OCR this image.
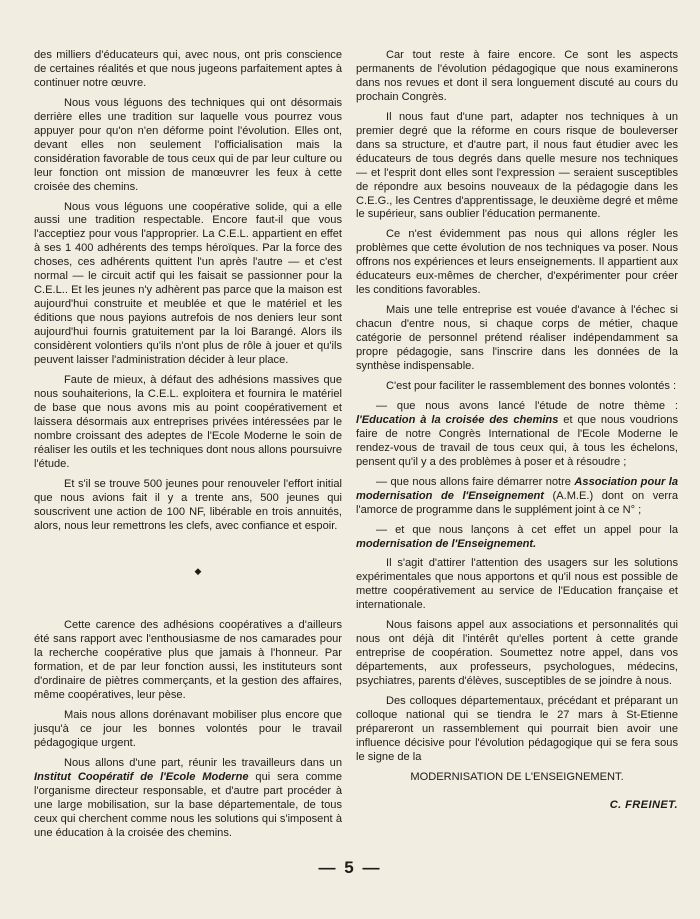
des milliers d'éducateurs qui, avec nous, ont pris conscience de certaines réalités et que nous jugeons parfaitement aptes à continuer notre œuvre.

Nous vous léguons des techniques qui ont désormais derrière elles une tradition sur laquelle vous pourrez vous appuyer pour qu'on n'en déforme point l'évolution. Elles ont, devant elles non seulement l'officialisation mais la considération favorable de tous ceux qui de par leur culture ou leur fonction ont mission de manœuvrer les feux à cette croisée des chemins.

Nous vous léguons une coopérative solide, qui a elle aussi une tradition respectable. Encore faut-il que vous l'acceptiez pour vous l'approprier. La C.E.L. appartient en effet à ses 1 400 adhérents des temps héroïques. Par la force des choses, ces adhérents quittent l'un après l'autre — et c'est normal — le circuit actif qui les faisait se passionner pour la C.E.L.. Et les jeunes n'y adhèrent pas parce que la maison est aujourd'hui construite et meublée et que le matériel et les éditions que nous payions autrefois de nos deniers leur sont aujourd'hui fournis gratuitement par la loi Barangé. Alors ils considèrent volontiers qu'ils n'ont plus de rôle à jouer et qu'ils peuvent laisser l'administration décider à leur place.

Faute de mieux, à défaut des adhésions massives que nous souhaiterions, la C.E.L. exploitera et fournira le matériel de base que nous avons mis au point coopérativement et laissera désormais aux entreprises privées intéressées par le nombre croissant des adeptes de l'Ecole Moderne le soin de réaliser les outils et les techniques dont nous allons poursuivre l'étude.

Et s'il se trouve 500 jeunes pour renouveler l'effort initial que nous avions fait il y a trente ans, 500 jeunes qui souscrivent une action de 100 NF, libérable en trois annuités, alors, nous leur remettrons les clefs, avec confiance et espoir.

◆

Cette carence des adhésions coopératives a d'ailleurs été sans rapport avec l'enthousiasme de nos camarades pour la recherche coopérative plus que jamais à l'honneur. Par formation, et de par leur fonction aussi, les instituteurs sont d'ordinaire de piètres commerçants, et la gestion des affaires, même coopératives, leur pèse.

Mais nous allons dorénavant mobiliser plus encore que jusqu'à ce jour les bonnes volontés pour le travail pédagogique urgent.

Nous allons d'une part, réunir les travailleurs dans un Institut Coopératif de l'Ecole Moderne qui sera comme l'organisme directeur responsable, et d'autre part procéder à une large mobilisation, sur la base départementale, de tous ceux qui cherchent comme nous les solutions qui s'imposent à une éducation à la croisée des chemins.

Car tout reste à faire encore. Ce sont les aspects permanents de l'évolution pédagogique que nous examinerons dans nos revues et dont il sera longuement discuté au cours du prochain Congrès.

Il nous faut d'une part, adapter nos techniques à un premier degré que la réforme en cours risque de bouleverser dans sa structure, et d'autre part, il nous faut étudier avec les éducateurs de tous degrés dans quelle mesure nos techniques — et l'esprit dont elles sont l'expression — seraient susceptibles de répondre aux besoins nouveaux de la pédagogie dans les C.E.G., les Centres d'apprentissage, le deuxième degré et même le supérieur, sans oublier l'éducation permanente.

Ce n'est évidemment pas nous qui allons régler les problèmes que cette évolution de nos techniques va poser. Nous offrons nos expériences et leurs enseignements. Il appartient aux éducateurs eux-mêmes de chercher, d'expérimenter pour créer les conditions favorables.

Mais une telle entreprise est vouée d'avance à l'échec si chacun d'entre nous, si chaque corps de métier, chaque catégorie de personnel prétend réaliser indépendamment sa propre pédagogie, sans l'inscrire dans les données de la synthèse indispensable.

C'est pour faciliter le rassemblement des bonnes volontés :

— que nous avons lancé l'étude de notre thème : l'Education à la croisée des chemins et que nous voudrions faire de notre Congrès International de l'Ecole Moderne le rendez-vous de travail de tous ceux qui, à tous les échelons, pensent qu'il y a des problèmes à poser et à résoudre ;

— que nous allons faire démarrer notre Association pour la modernisation de l'Enseignement (A.M.E.) dont on verra l'amorce de programme dans le supplément joint à ce N° ;

— et que nous lançons à cet effet un appel pour la modernisation de l'Enseignement.

Il s'agit d'attirer l'attention des usagers sur les solutions expérimentales que nous apportons et qu'il nous est possible de mettre coopérativement au service de l'Education française et internationale.

Nous faisons appel aux associations et personnalités qui nous ont déjà dit l'intérêt qu'elles portent à cette grande entreprise de coopération. Soumettez notre appel, dans vos départements, aux professeurs, psychologues, médecins, psychiatres, parents d'élèves, susceptibles de se joindre à nous.

Des colloques départementaux, précédant et préparant un colloque national qui se tiendra le 27 mars à St-Etienne prépareront un rassemblement qui pourrait bien avoir une influence décisive pour l'évolution pédagogique qui se fera sous le signe de la

MODERNISATION DE L'ENSEIGNEMENT.

C. FREINET.

— 5 —
